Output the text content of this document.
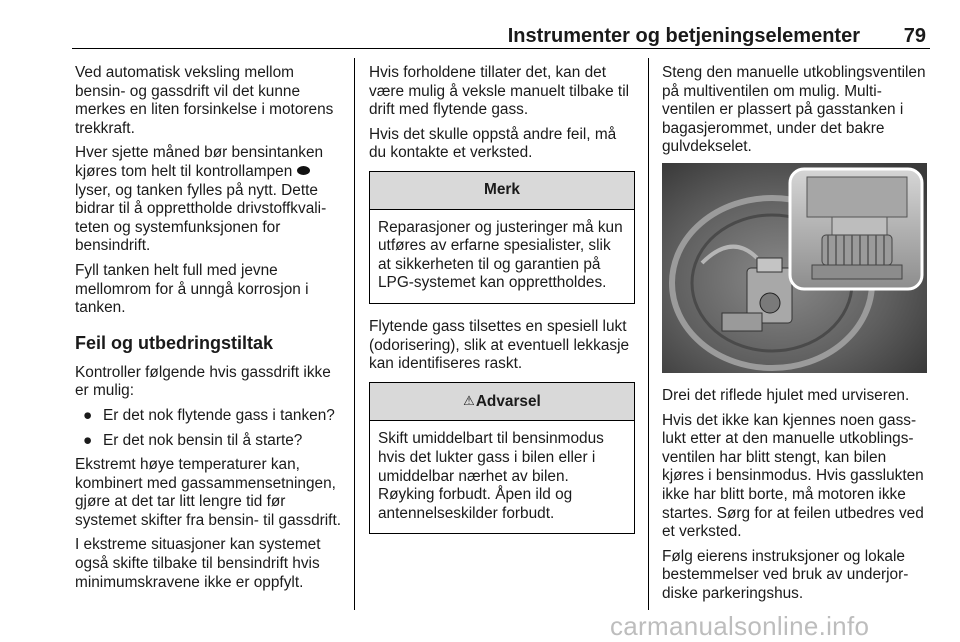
Instrumenter og betjeningselementer	79

Ved automatisk veksling mellom bensin- og gassdrift vil det kunne merkes en liten forsinkelse i motorens trekkraft.

Hver sjette måned bør bensintanken kjøres tom helt til kontrollampen  lyser, og tanken fylles på nytt. Dette bidrar til å opprettholde drivstoffkvaliteten og systemfunksjonen for bensindrift.

Fyll tanken helt full med jevne mellomrom for å unngå korrosjon i tanken.

Feil og utbedringstiltak

Kontroller følgende hvis gassdrift ikke er mulig:

● Er det nok flytende gass i tanken?
● Er det nok bensin til å starte?

Ekstremt høye temperaturer kan, kombinert med gassammensetningen, gjøre at det tar litt lengre tid før systemet skifter fra bensin- til gassdrift.

I ekstreme situasjoner kan systemet også skifte tilbake til bensindrift hvis minimumskravene ikke er oppfylt.

Hvis forholdene tillater det, kan det være mulig å veksle manuelt tilbake til drift med flytende gass.

Hvis det skulle oppstå andre feil, må du kontakte et verksted.

Merk
Reparasjoner og justeringer må kun utføres av erfarne spesialister, slik at sikkerheten til og garantien på LPG-systemet kan opprettholdes.

Flytende gass tilsettes en spesiell lukt (odorisering), slik at eventuell lekkasje kan identifiseres raskt.

⚠Advarsel
Skift umiddelbart til bensinmodus hvis det lukter gass i bilen eller i umiddelbar nærhet av bilen. Røyking forbudt. Åpen ild og antennelseskilder forbudt.

Steng den manuelle utkoblingsventilen på multiventilen om mulig. Multiventilen er plassert på gasstanken i bagasjerommet, under det bakre gulvdekselet.

Drei det riflede hjulet med urviseren.

Hvis det ikke kan kjennes noen gasslukt etter at den manuelle utkoblingsventilen har blitt stengt, kan bilen kjøres i bensinmodus. Hvis gasslukten ikke har blitt borte, må motoren ikke startes. Sørg for at feilen utbedres ved et verksted.

Følg eierens instruksjoner og lokale bestemmelser ved bruk av underjordiske parkeringshus.

carmanualsonline.info
